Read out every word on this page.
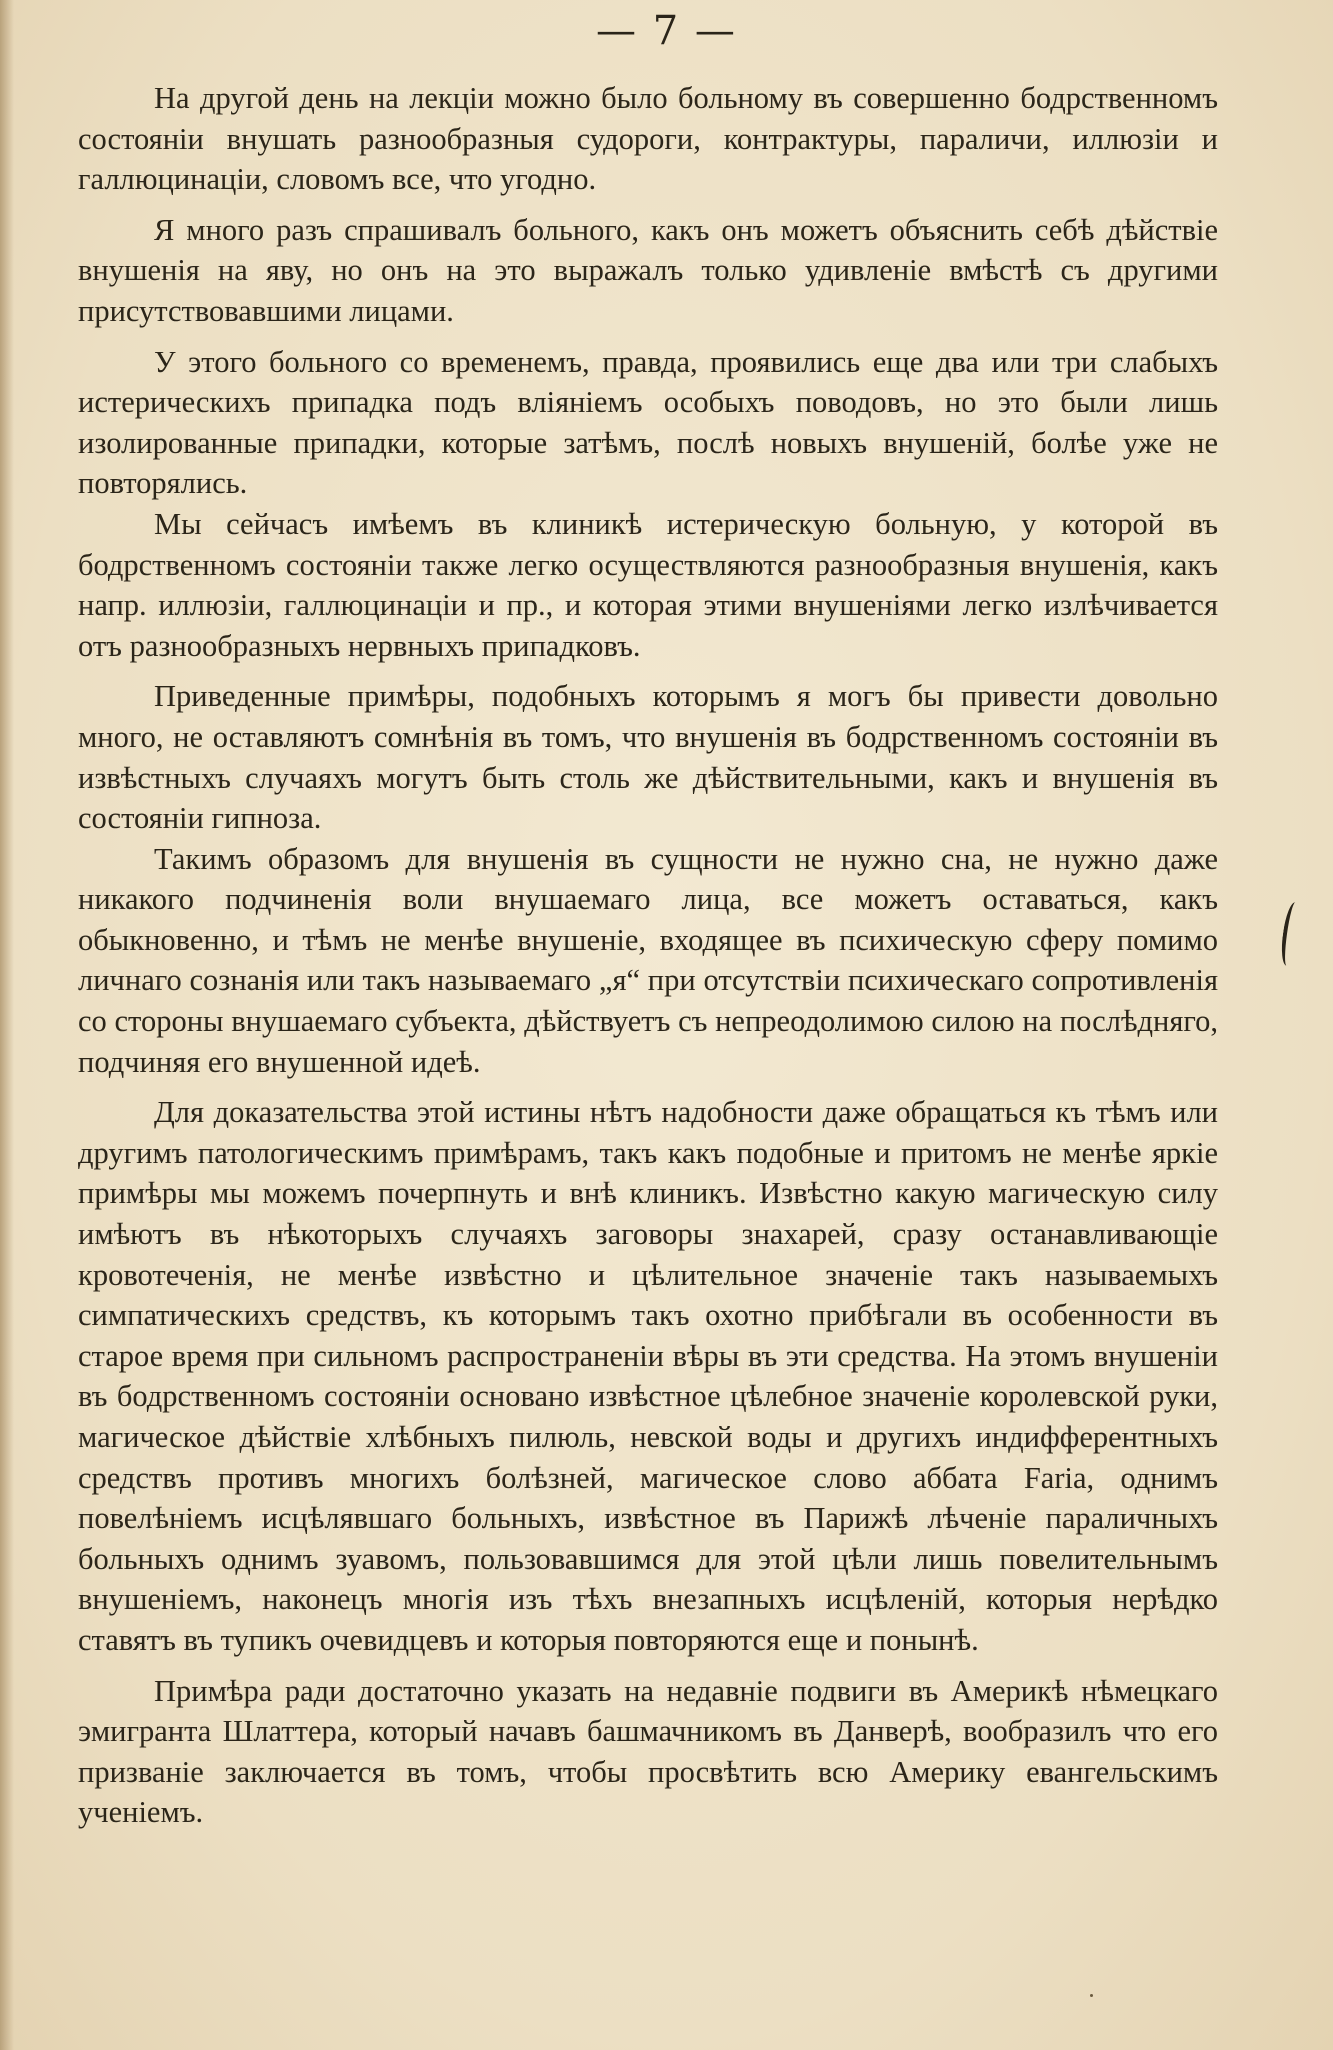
— 7 —

На другой день на лекціи можно было больному въ совершенно бодрственномъ состояніи внушать разнообразныя судороги, контрактуры, параличи, иллюзіи и галлюцинаціи, словомъ все, что угодно.

Я много разъ спрашивалъ больного, какъ онъ можетъ объяснить себѣ дѣйствіе внушенія на яву, но онъ на это выражалъ только удивленіе вмѣстѣ съ другими присутствовавшими лицами.

У этого больного со временемъ, правда, проявились еще два или три слабыхъ истерическихъ припадка подъ вліяніемъ особыхъ поводовъ, но это были лишь изолированные припадки, которые затѣмъ, послѣ новыхъ внушеній, болѣе уже не повторялись.

Мы сейчасъ имѣемъ въ клиникѣ истерическую больную, у которой въ бодрственномъ состояніи также легко осуществляются разнообразныя внушенія, какъ напр. иллюзіи, галлюцинаціи и пр., и которая этими внушеніями легко излѣчивается отъ разнообразныхъ нервныхъ припадковъ.

Приведенные примѣры, подобныхъ которымъ я могъ бы привести довольно много, не оставляютъ сомнѣнія въ томъ, что внушенія въ бодрственномъ состояніи въ извѣстныхъ случаяхъ могутъ быть столь же дѣйствительными, какъ и внушенія въ состояніи гипноза.

Такимъ образомъ для внушенія въ сущности не нужно сна, не нужно даже никакого подчиненія воли внушаемаго лица, все можетъ оставаться, какъ обыкновенно, и тѣмъ не менѣе внушеніе, входящее въ психическую сферу помимо личнаго сознанія или такъ называемаго „я“ при отсутствіи психическаго сопротивленія со стороны внушаемаго субъекта, дѣйствуетъ съ непреодолимою силою на послѣдняго, подчиняя его внушенной идеѣ.

Для доказательства этой истины нѣтъ надобности даже обращаться къ тѣмъ или другимъ патологическимъ примѣрамъ, такъ какъ подобные и притомъ не менѣе яркіе примѣры мы можемъ почерпнуть и внѣ клиникъ. Извѣстно какую магическую силу имѣютъ въ нѣкоторыхъ случаяхъ заговоры знахарей, сразу останавливающіе кровотеченія, не менѣе извѣстно и цѣлительное значеніе такъ называемыхъ симпатическихъ средствъ, къ которымъ такъ охотно прибѣгали въ особенности въ старое время при сильномъ распространеніи вѣры въ эти средства. На этомъ внушеніи въ бодрственномъ состояніи основано извѣстное цѣлебное значеніе королевской руки, магическое дѣйствіе хлѣбныхъ пилюль, невской воды и другихъ индифферентныхъ средствъ противъ многихъ болѣзней, магическое слово аббата Faria, однимъ повелѣніемъ исцѣлявшаго больныхъ, извѣстное въ Парижѣ лѣченіе параличныхъ больныхъ однимъ зуавомъ, пользовавшимся для этой цѣли лишь повелительнымъ внушеніемъ, наконецъ многія изъ тѣхъ внезапныхъ исцѣленій, которыя нерѣдко ставятъ въ тупикъ очевидцевъ и которыя повторяются еще и понынѣ.

Примѣра ради достаточно указать на недавніе подвиги въ Америкѣ нѣмецкаго эмигранта Шлаттера, который начавъ башмачникомъ въ Данверѣ, вообразилъ что его призваніе заключается въ томъ, чтобы просвѣтить всю Америку евангельскимъ ученіемъ.
